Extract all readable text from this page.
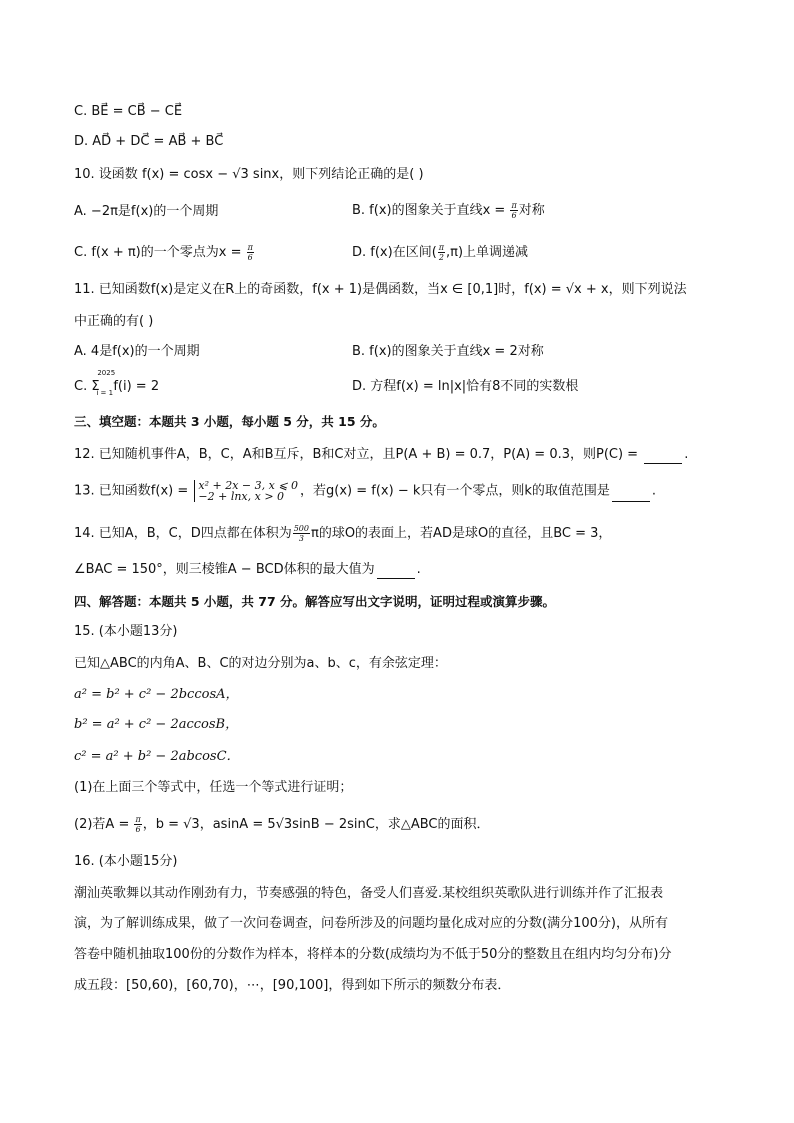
C. BE⃗ = CB⃗ − CE⃗
D. AD⃗ + DC⃗ = AB⃗ + BC⃗
10. 设函数 f(x) = cosx − √3 sinx，则下列结论正确的是( )
A. −2π是f(x)的一个周期	B. f(x)的图象关于直线$x = \frac{\pi}{6}$ 对称
C. f(x + π)的一个零点为$x = \frac{\pi}{6}$	D. f(x)在区间( $\frac{\pi}{2} ,\pi$)上单调递减
11. 已知函数f(x)是定义在R上的奇函数，f(x + 1)是偶函数，当x ∈ [0,1]时，f(x) = √x + x，则下列说法
中正确的有( )
A. 4是f(x)的一个周期	B. f(x)的图象关于直线x = 2对称
C. Σ
2025
i = 1 f(i) = 2	D. 方程f(x) = ln|x|恰有8不同的实数根
三、填空题：本题共 3 小题，每小题 5 分，共 15 分。
12. 已知随机事件A，B，C，A和B互斥，B和C对立，且P(A + B) = 0.7，P(A) = 0.3，则P(C) =	.
13. 已知函数f(x) = x² + 2x − 3, x ⩽ 0
−2 + lnx, x > 0	，若g(x) = f(x) − k只有一个零点，则k的取值范围是	.
14. 已知A，B，C，D四点都在体积为 $\frac{500}{3}$ π的球O的表面上，若AD是球O的直径，且BC = 3，
∠BAC = 150°，则三棱锥A − BCD体积的最大值为	.
四、解答题：本题共 5 小题，共 77 分。解答应写出文字说明，证明过程或演算步骤。
15. (本小题13分)
已知△ABC的内角A、B、C的对边分别为a、b、c，有余弦定理：
a² = b² + c² − 2bccosA，
b² = a² + c² − 2accosB，
c² = a² + b² − 2abcosC．
(1)在上面三个等式中，任选一个等式进行证明；
(2)若$A = \frac{\pi}{6}$ ，b = √3，asinA = 5√3sinB − 2sinC，求△ABC的面积．
16. (本小题15分)
潮汕英歌舞以其动作刚劲有力，节奏感强的特色，备受人们喜爱.某校组织英歌队进行训练并作了汇报表
演，为了解训练成果，做了一次问卷调查，问卷所涉及的问题均量化成对应的分数(满分100分)，从所有
答卷中随机抽取100份的分数作为样本，将样本的分数(成绩均为不低于50分的整数且在组内均匀分布)分
成五段：[50,60)，[60,70)，⋯，[90,100]，得到如下所示的频数分布表．
